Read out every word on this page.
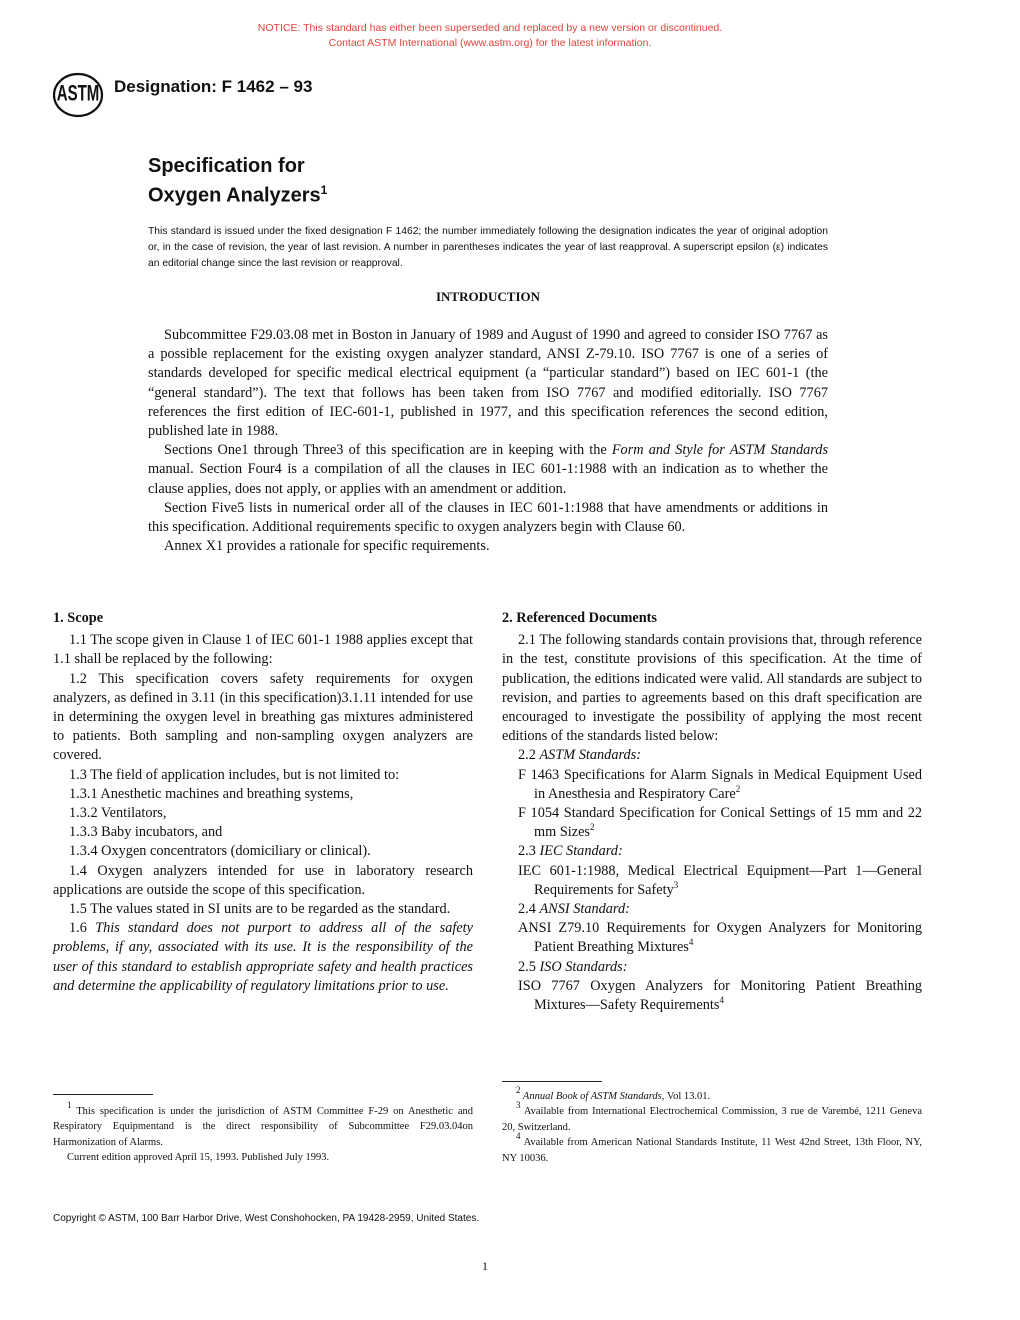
NOTICE: This standard has either been superseded and replaced by a new version or discontinued.
Contact ASTM International (www.astm.org) for the latest information.
ASTM Designation: F 1462 – 93
Specification for
Oxygen Analyzers$^1$
This standard is issued under the fixed designation F 1462; the number immediately following the designation indicates the year of original adoption or, in the case of revision, the year of last revision. A number in parentheses indicates the year of last reapproval. A superscript epsilon (ε) indicates an editorial change since the last revision or reapproval.
INTRODUCTION

Subcommittee F29.03.08 met in Boston in January of 1989 and August of 1990 and agreed to consider ISO 7767 as a possible replacement for the existing oxygen analyzer standard, ANSI Z-79.10. ISO 7767 is one of a series of standards developed for specific medical electrical equipment (a “particular standard”) based on IEC 601-1 (the “general standard”). The text that follows has been taken from ISO 7767 and modified editorially. ISO 7767 references the first edition of IEC-601-1, published in 1977, and this specification references the second edition, published late in 1988.

Sections One1 through Three3 of this specification are in keeping with the Form and Style for ASTM Standards manual. Section Four4 is a compilation of all the clauses in IEC 601-1:1988 with an indication as to whether the clause applies, does not apply, or applies with an amendment or addition.

Section Five5 lists in numerical order all of the clauses in IEC 601-1:1988 that have amendments or additions in this specification. Additional requirements specific to oxygen analyzers begin with Clause 60.

Annex X1 provides a rationale for specific requirements.

1. Scope

1.1 The scope given in Clause 1 of IEC 601-1 1988 applies except that 1.1 shall be replaced by the following:

1.2 This specification covers safety requirements for oxygen analyzers, as defined in 3.11 (in this specification)3.1.11 intended for use in determining the oxygen level in breathing gas mixtures administered to patients. Both sampling and non-sampling oxygen analyzers are covered.

1.3 The field of application includes, but is not limited to:

1.3.1 Anesthetic machines and breathing systems,

1.3.2 Ventilators,

1.3.3 Baby incubators, and

1.3.4 Oxygen concentrators (domiciliary or clinical).

1.4 Oxygen analyzers intended for use in laboratory research applications are outside the scope of this specification.

1.5 The values stated in SI units are to be regarded as the standard.

1.6 This standard does not purport to address all of the safety problems, if any, associated with its use. It is the responsibility of the user of this standard to establish appropriate safety and health practices and determine the applicability of regulatory limitations prior to use.

2. Referenced Documents

2.1 The following standards contain provisions that, through reference in the test, constitute provisions of this specification. At the time of publication, the editions indicated were valid. All standards are subject to revision, and parties to agreements based on this draft specification are encouraged to investigate the possibility of applying the most recent editions of the standards listed below:

2.2 ASTM Standards:

F 1463 Specifications for Alarm Signals in Medical Equipment Used in Anesthesia and Respiratory Care$^2$

F 1054 Standard Specification for Conical Settings of 15 mm and 22 mm Sizes$^2$

2.3 IEC Standard:

IEC 601-1:1988, Medical Electrical Equipment—Part 1—General Requirements for Safety$^3$

2.4 ANSI Standard:

ANSI Z79.10 Requirements for Oxygen Analyzers for Monitoring Patient Breathing Mixtures$^4$

2.5 ISO Standards:

ISO 7767 Oxygen Analyzers for Monitoring Patient Breathing Mixtures—Safety Requirements$^4$

$^1$ This specification is under the jurisdiction of ASTM Committee F-29 on Anesthetic and Respiratory Equipmentand is the direct responsibility of Subcommittee F29.03.04on Harmonization of Alarms.

Current edition approved April 15, 1993. Published July 1993.

$^2$ Annual Book of ASTM Standards, Vol 13.01.

$^3$ Available from International Electrochemical Commission, 3 rue de Varembé, 1211 Geneva 20, Switzerland.

$^4$ Available from American National Standards Institute, 11 West 42nd Street, 13th Floor, NY, NY 10036.

Copyright © ASTM, 100 Barr Harbor Drive, West Conshohocken, PA 19428-2959, United States.
1
